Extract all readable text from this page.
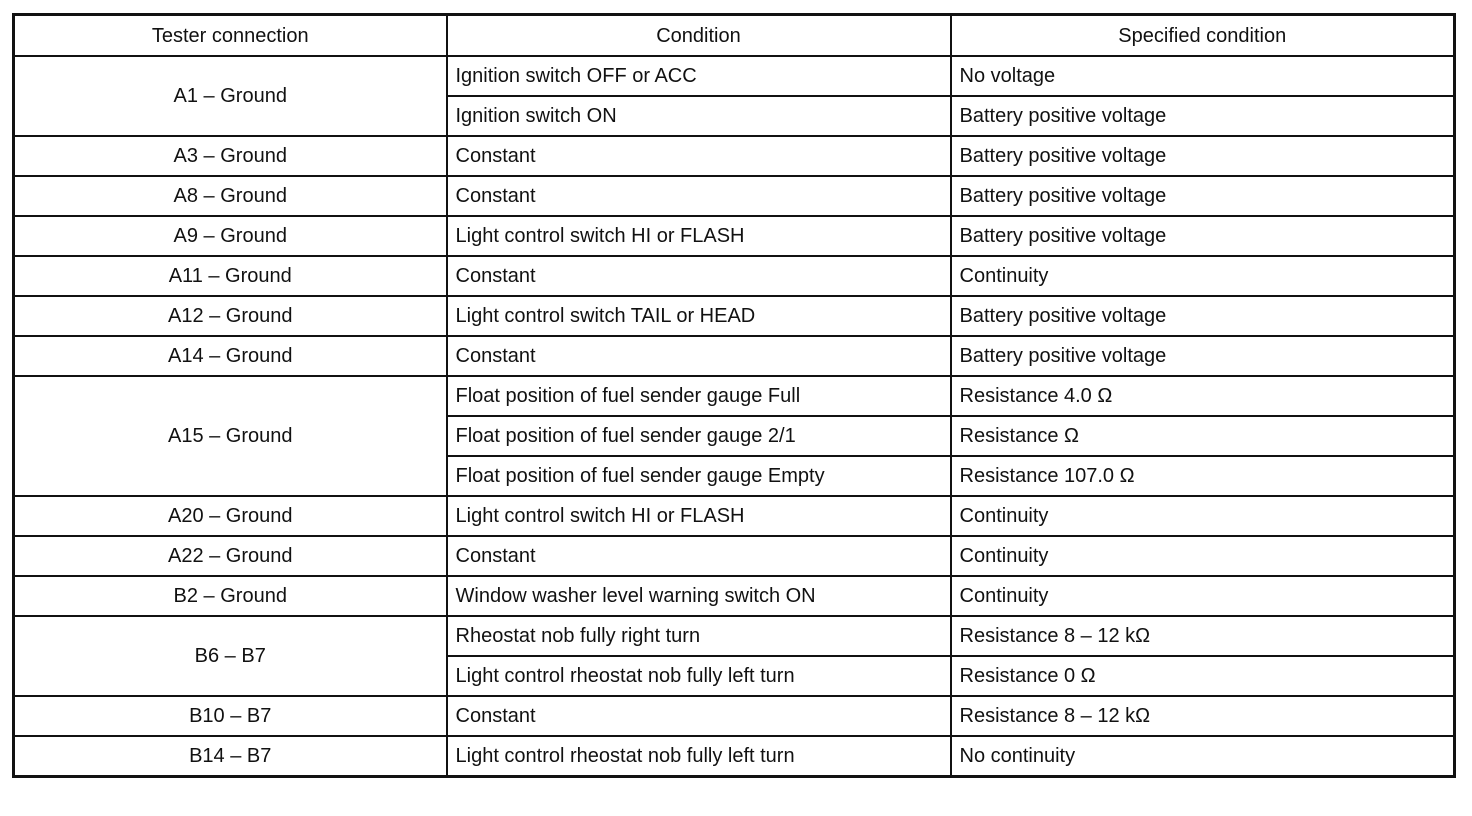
Tester connection	Condition	Specified condition
A1 – Ground	Ignition switch OFF or ACC	No voltage
	Ignition switch ON	Battery positive voltage
A3 – Ground	Constant	Battery positive voltage
A8 – Ground	Constant	Battery positive voltage
A9 – Ground	Light control switch HI or FLASH	Battery positive voltage
A11 – Ground	Constant	Continuity
A12 – Ground	Light control switch TAIL or HEAD	Battery positive voltage
A14 – Ground	Constant	Battery positive voltage
A15 – Ground	Float position of fuel sender gauge Full	Resistance 4.0 Ω
	Float position of fuel sender gauge 2/1	Resistance Ω
	Float position of fuel sender gauge Empty	Resistance 107.0 Ω
A20 – Ground	Light control switch HI or FLASH	Continuity
A22 – Ground	Constant	Continuity
B2 – Ground	Window washer level warning switch ON	Continuity
B6 – B7	Rheostat nob fully right turn	Resistance 8 – 12 kΩ
	Light control rheostat nob fully left turn	Resistance 0 Ω
B10 – B7	Constant	Resistance 8 – 12 kΩ
B14 – B7	Light control rheostat nob fully left turn	No continuity
